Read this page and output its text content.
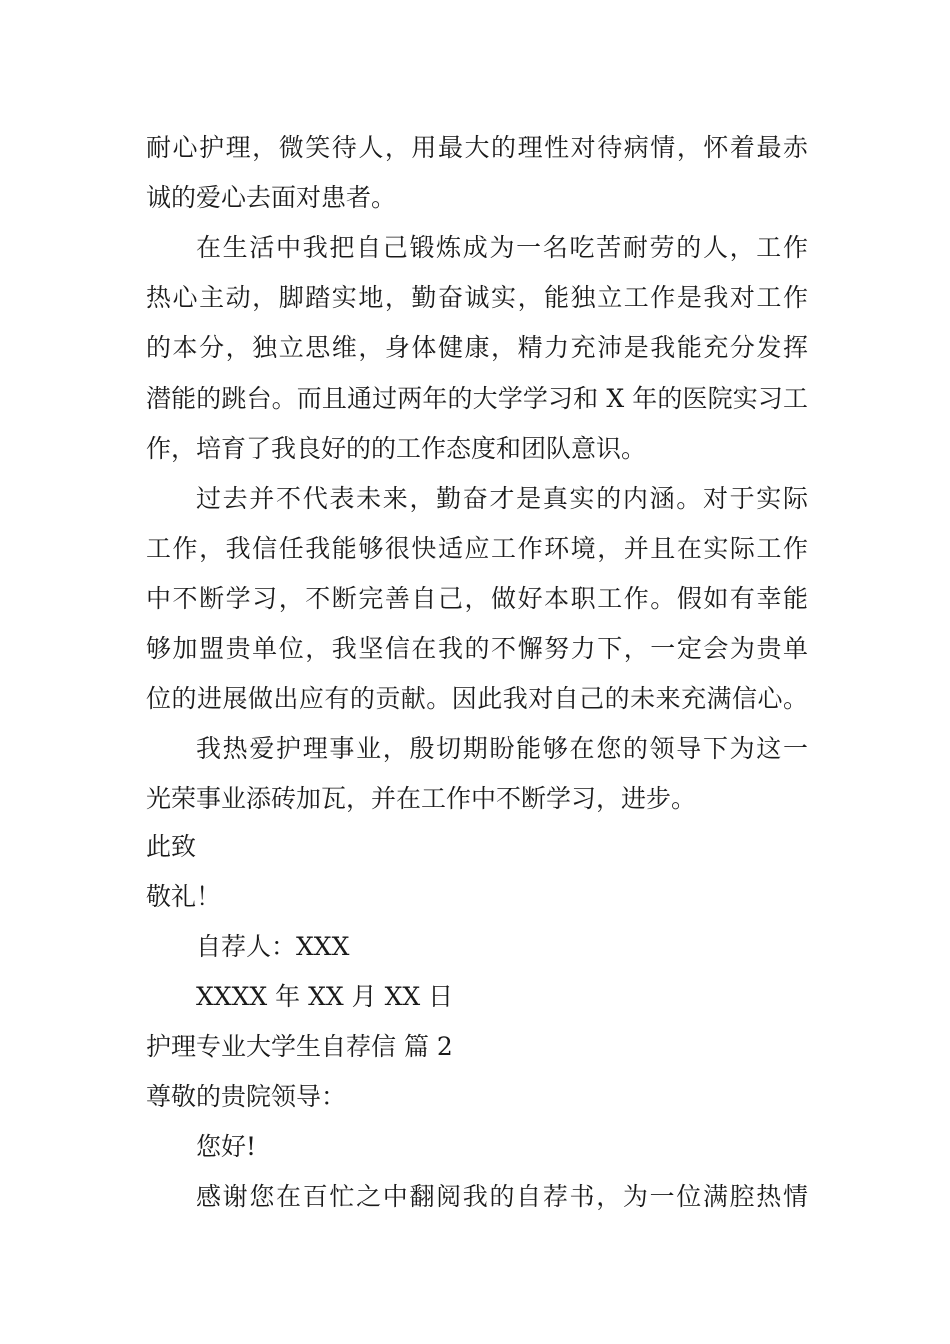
耐心护理，微笑待人，用最大的理性对待病情，怀着最赤
诚的爱心去面对患者。
在生活中我把自己锻炼成为一名吃苦耐劳的人，工作
热心主动，脚踏实地，勤奋诚实，能独立工作是我对工作
的本分，独立思维，身体健康，精力充沛是我能充分发挥
潜能的跳台。而且通过两年的大学学习和 X 年的医院实习工
作，培育了我良好的的工作态度和团队意识。
过去并不代表未来，勤奋才是真实的内涵。对于实际
工作，我信任我能够很快适应工作环境，并且在实际工作
中不断学习，不断完善自己，做好本职工作。假如有幸能
够加盟贵单位，我坚信在我的不懈努力下，一定会为贵单
位的进展做出应有的贡献。因此我对自己的未来充满信心。
我热爱护理事业，殷切期盼能够在您的领导下为这一
光荣事业添砖加瓦，并在工作中不断学习，进步。
此致
敬礼！
自荐人：XXX
XXXX 年 XX 月 XX 日
护理专业大学生自荐信 篇 2
尊敬的贵院领导：
您好!
感谢您在百忙之中翻阅我的自荐书，为一位满腔热情
